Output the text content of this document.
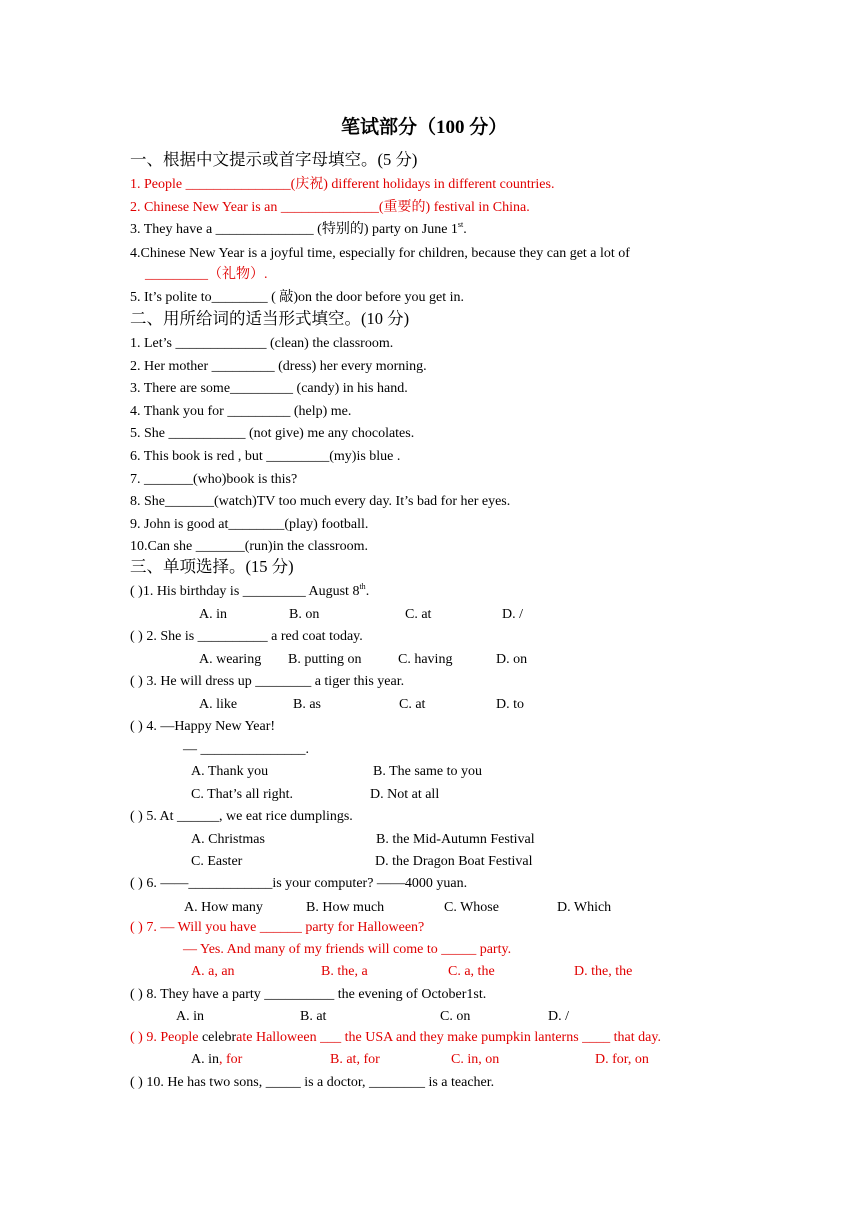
笔试部分（100 分）
一、根据中文提示或首字母填空。(5 分)
1. People _______________(庆祝) different holidays in different countries.
2. Chinese New Year is an ______________(重要的) festival in China.
3. They have a ______________ (特别的) party on June 1st.
4.Chinese New Year is a joyful time, especially for children, because they can get a lot of
_________（礼物）.
5. It’s polite to________ ( 敲)on the door before you get in.
二、用所给词的适当形式填空。(10 分)
1. Let’s _____________ (clean) the classroom.
2. Her mother _________ (dress) her every morning.
3. There are some_________ (candy) in his hand.
4. Thank you for _________ (help) me.
5. She ___________ (not give) me any chocolates.
6. This book is red , but _________(my)is blue .
7. _______(who)book is this?
8. She_______(watch)TV too much every day. It’s bad for her eyes.
9. John is good at________(play) football.
10.Can she _______(run)in the classroom.
三、单项选择。(15 分)
( )1. His birthday is _________ August 8th.
A. in	B. on	C. at	D. /
( ) 2. She is __________ a red coat today.
A. wearing B. putting on	C. having	D. on
( ) 3. He will dress up ________ a tiger this year.
A. like	B. as	C. at	D. to
( ) 4. —Happy New Year!
— _______________.
A. Thank you	B. The same to you
C. That’s all right.	D. Not at all
( ) 5. At ______, we eat rice dumplings.
A. Christmas	B. the Mid-Autumn Festival
C. Easter	D. the Dragon Boat Festival
( ) 6. ——____________is your computer? ——4000 yuan.
A. How many	B. How much	C. Whose	D. Which
( ) 7. — Will you have ______ party for Halloween?
— Yes. And many of my friends will come to _____ party.
A. a, an	B. the, a	C. a, the	D. the, the
( ) 8. They have a party __________ the evening of October1st.
A. in	B. at	C. on	D. /
( ) 9. People celebrate Halloween ___ the USA and they make pumpkin lanterns ____ that day.
A. in, for	B. at, for	C. in, on	D. for, on
( ) 10. He has two sons, _____ is a doctor, ________ is a teacher.
